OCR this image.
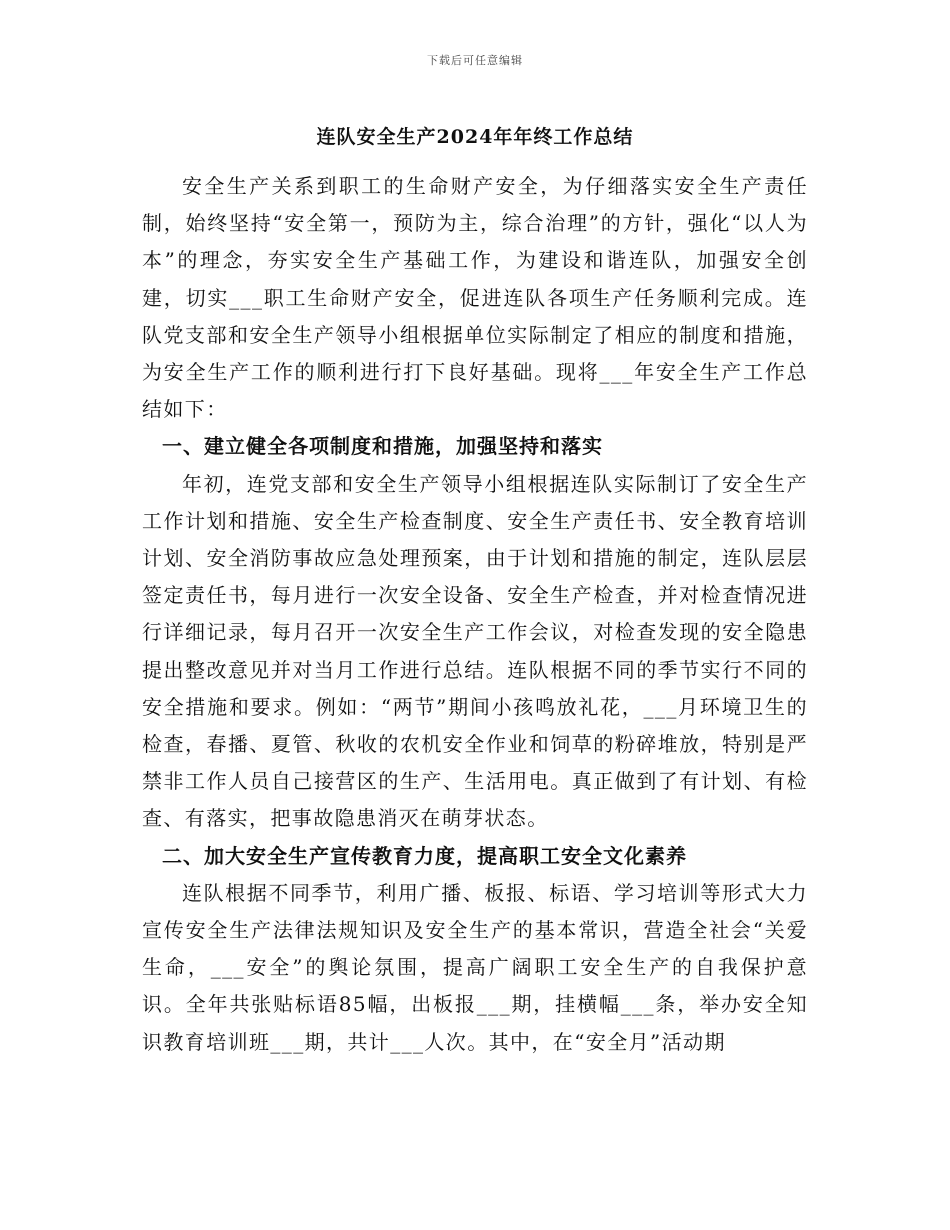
下载后可任意编辑
连队安全生产2024年年终工作总结

安全生产关系到职工的生命财产安全，为仔细落实安全生产责任制，始终坚持“安全第一，预防为主，综合治理”的方针，强化“以人为本”的理念，夯实安全生产基础工作，为建设和谐连队，加强安全创建，切实___职工生命财产安全，促进连队各项生产任务顺利完成。连队党支部和安全生产领导小组根据单位实际制定了相应的制度和措施，为安全生产工作的顺利进行打下良好基础。现将___年安全生产工作总结如下：

一、建立健全各项制度和措施，加强坚持和落实

年初，连党支部和安全生产领导小组根据连队实际制订了安全生产工作计划和措施、安全生产检查制度、安全生产责任书、安全教育培训计划、安全消防事故应急处理预案，由于计划和措施的制定，连队层层签定责任书，每月进行一次安全设备、安全生产检查，并对检查情况进行详细记录，每月召开一次安全生产工作会议，对检查发现的安全隐患提出整改意见并对当月工作进行总结。连队根据不同的季节实行不同的安全措施和要求。例如：“两节”期间小孩鸣放礼花，___月环境卫生的检查，春播、夏管、秋收的农机安全作业和饲草的粉碎堆放，特别是严禁非工作人员自己接营区的生产、生活用电。真正做到了有计划、有检查、有落实，把事故隐患消灭在萌芽状态。

二、加大安全生产宣传教育力度，提高职工安全文化素养

连队根据不同季节，利用广播、板报、标语、学习培训等形式大力宣传安全生产法律法规知识及安全生产的基本常识，营造全社会“关爱生命，___安全”的舆论氛围，提高广阔职工安全生产的自我保护意识。全年共张贴标语85幅，出板报___期，挂横幅___条，举办安全知识教育培训班___期，共计___人次。其中，在“安全月”活动期
